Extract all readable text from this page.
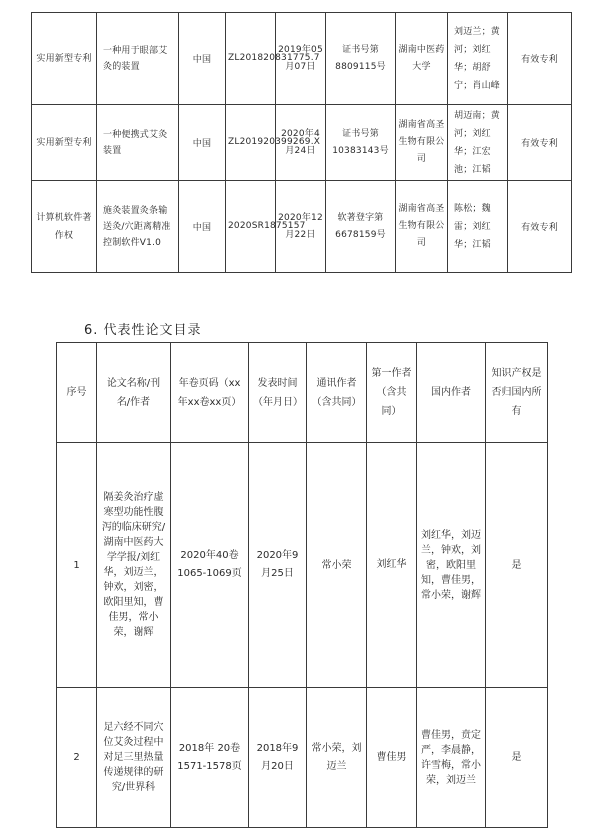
实用新型专利	一种用于眼部艾灸的装置	中国	ZL201820831775.7	2019年05月07日	证书号第8809115号	湖南中医药大学	刘迈兰；黄河；刘红华；胡舒宁；肖山峰	有效专利
实用新型专利	一种便携式艾灸装置	中国	ZL201920399269.X	2020年4月24日	证书号第10383143号	湖南省高圣生物有限公司	胡迈南；黄河；刘红华；江宏池；江韬	有效专利
计算机软件著作权	施灸装置灸条输送灸/穴距离精准控制软件V1.0	中国	2020SR1875157	2020年12月22日	软著登字第6678159号	湖南省高圣生物有限公司	陈松；魏雷；刘红华；江韬	有效专利
6. 代表性论文目录
序号	论文名称/刊名/作者	年卷页码（xx年xx卷xx页）	发表时间（年月日）	通讯作者（含共同）	第一作者（含共同）	国内作者	知识产权是否归国内所有
1	隔姜灸治疗虚寒型功能性腹泻的临床研究/湖南中医药大学学报/刘红华，刘迈兰，钟欢，刘密，欧阳里知，曹佳男，常小荣，谢辉	2020年40卷1065-1069页	2020年9月25日	常小荣	刘红华	刘红华，刘迈兰，钟欢，刘密，欧阳里知，曹佳男，常小荣，谢辉	是
2	足六经不同穴位艾灸过程中对足三里热量传递规律的研究/世界科	2018年 20卷1571-1578页	2018年9月20日	常小荣，刘迈兰	曹佳男	曹佳男，贲定严，李晨静，许雪梅，常小荣，刘迈兰	是
